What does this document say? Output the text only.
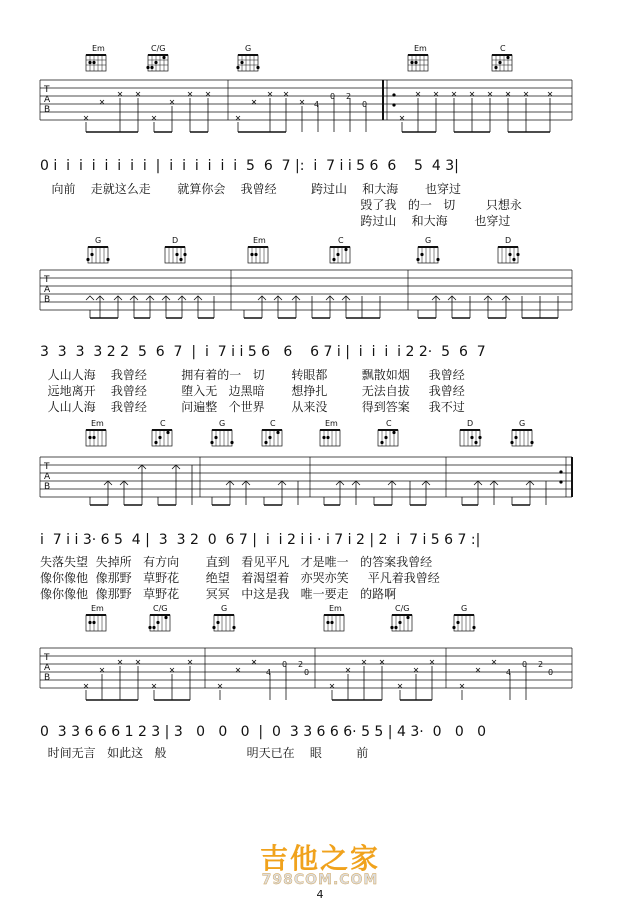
Em	C/G	G	Em	C
T
A
B
4
0 2
0
0 i  i  i  i  i  i  i  i  |  i  i  i  i  i  i  5  6  7 |:  i  7 i i 5 6  6    5  4 3|
向前    走就这么走       就算你会    我曾经         跨过山    和大海       也穿过
毁了我   的一   切        只想永
跨过山    和大海       也穿过
G	D	Em	C	G	D
T
A
B
3  3  3  3 2 2  5  6  7  |  i  7 i i 5 6   6    6 7 i |  i  i  i  i 2 2·  5  6  7
人山人海    我曾经         拥有着的一   切       转眼都         飘散如烟     我曾经
远地离开    我曾经         堕入无   边黑暗       想挣扎         无法自拔     我曾经
人山人海    我曾经         问遍整   个世界       从来没         得到答案     我不过
Em	C	G	C	Em	C	D	G
T
A
B
i  7 i i 3· 6 5  4 |  3  3 2  0  6 7 |  i  i 2 i i · i 7 i 2 | 2  i  7 i 5 6 7 :|
失落失望  失掉所   有方向       直到   看见平凡   才是唯一   的答案我曾经
像你像他  像那野   草野花       绝望   着渴望着   亦哭亦笑     平凡着我曾经
像你像他  像那野   草野花       冥冥   中这是我   唯一要走   的路啊
Em	C/G	G	Em	C/G	G
T
A
B
4
0 2
0	4
0 2
0
0  3 3 6 6 6 1 2 3 | 3   0   0   0  |  0  3 3 6 6 6· 5 5 | 4 3·  0   0   0
时间无言   如此这   般                     明天已在    眼         前
吉他之家
798COM.COM
4
